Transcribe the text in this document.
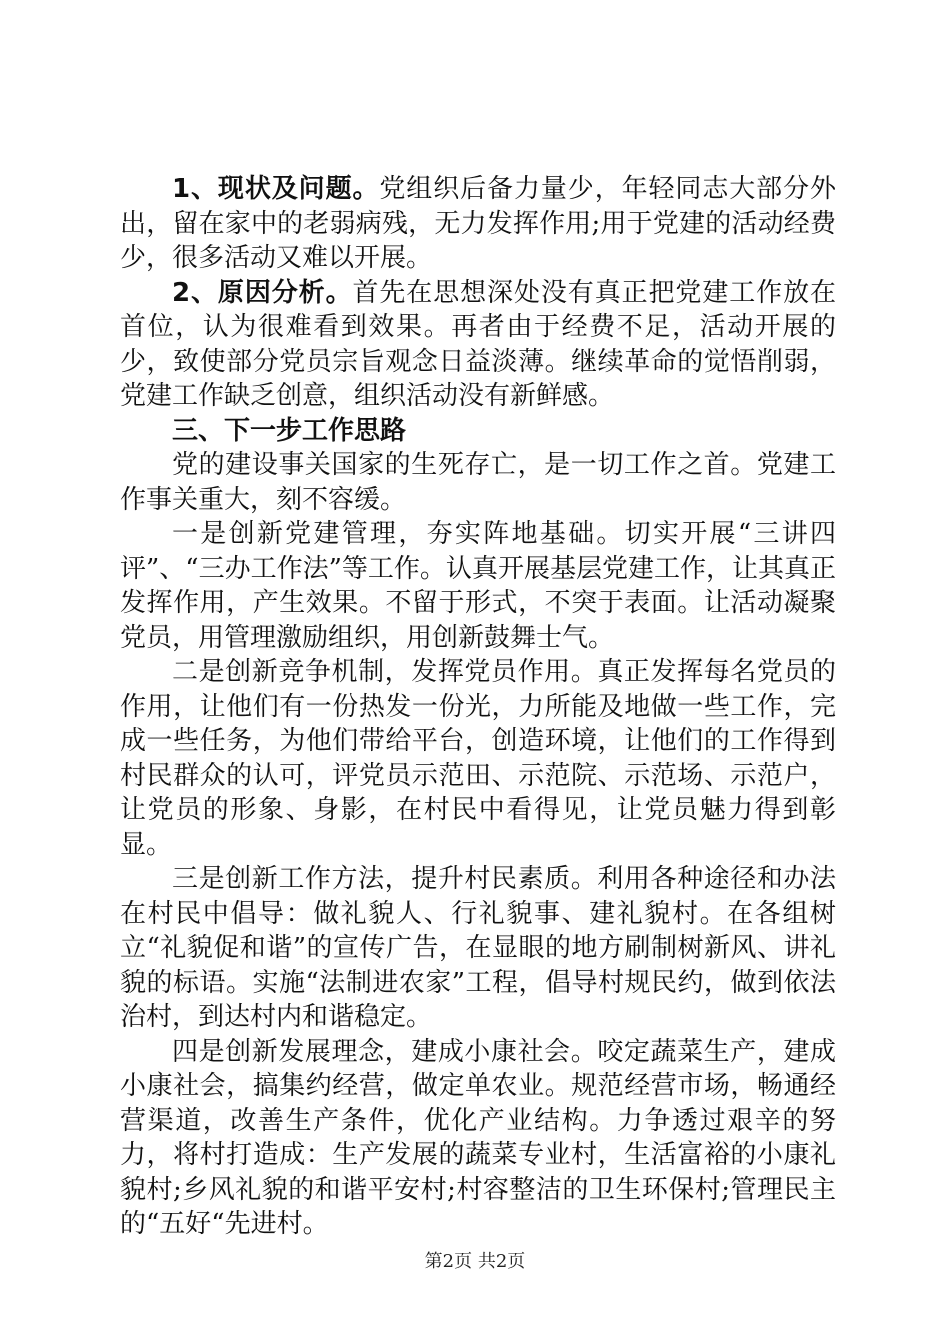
1、现状及问题。党组织后备力量少，年轻同志大部分外出，留在家中的老弱病残，无力发挥作用;用于党建的活动经费少，很多活动又难以开展。

2、原因分析。首先在思想深处没有真正把党建工作放在首位，认为很难看到效果。再者由于经费不足，活动开展的少，致使部分党员宗旨观念日益淡薄。继续革命的觉悟削弱，党建工作缺乏创意，组织活动没有新鲜感。

三、下一步工作思路

党的建设事关国家的生死存亡，是一切工作之首。党建工作事关重大，刻不容缓。

一是创新党建管理，夯实阵地基础。切实开展“三讲四评”、“三办工作法”等工作。认真开展基层党建工作，让其真正发挥作用，产生效果。不留于形式，不突于表面。让活动凝聚党员，用管理激励组织，用创新鼓舞士气。

二是创新竞争机制，发挥党员作用。真正发挥每名党员的作用，让他们有一份热发一份光，力所能及地做一些工作，完成一些任务，为他们带给平台，创造环境，让他们的工作得到村民群众的认可，评党员示范田、示范院、示范场、示范户，让党员的形象、身影，在村民中看得见，让党员魅力得到彰显。

三是创新工作方法，提升村民素质。利用各种途径和办法在村民中倡导：做礼貌人、行礼貌事、建礼貌村。在各组树立“礼貌促和谐”的宣传广告，在显眼的地方刷制树新风、讲礼貌的标语。实施“法制进农家”工程，倡导村规民约，做到依法治村，到达村内和谐稳定。

四是创新发展理念，建成小康社会。咬定蔬菜生产，建成小康社会，搞集约经营，做定单农业。规范经营市场，畅通经营渠道，改善生产条件，优化产业结构。力争透过艰辛的努力，将村打造成：生产发展的蔬菜专业村，生活富裕的小康礼貌村;乡风礼貌的和谐平安村;村容整洁的卫生环保村;管理民主的“五好“先进村。

第2页 共2页
